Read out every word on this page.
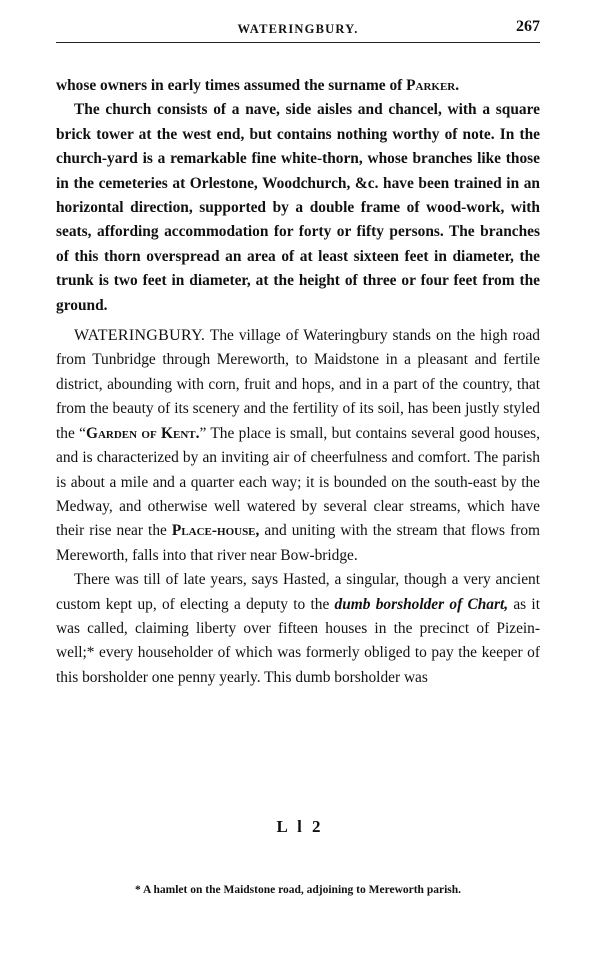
WATERINGBURY.	267

whose owners in early times assumed the surname of Parker.

The church consists of a nave, side aisles and chancel, with a square brick tower at the west end, but contains nothing worthy of note. In the church-yard is a remarkable fine white-thorn, whose branches like those in the cemeteries at Orlestone, Woodchurch, &c. have been trained in an horizontal direction, supported by a double frame of wood-work, with seats, affording accommodation for forty or fifty persons. The branches of this thorn overspread an area of at least sixteen feet in diameter, the trunk is two feet in diameter, at the height of three or four feet from the ground.

WATERINGBURY. The village of Wateringbury stands on the high road from Tunbridge through Mereworth, to Maidstone in a pleasant and fertile district, abounding with corn, fruit and hops, and in a part of the country, that from the beauty of its scenery and the fertility of its soil, has been justly styled the “Garden of Kent.” The place is small, but contains several good houses, and is characterized by an inviting air of cheerfulness and comfort. The parish is about a mile and a quarter each way; it is bounded on the south-east by the Medway, and otherwise well watered by several clear streams, which have their rise near the Place-house, and uniting with the stream that flows from Mereworth, falls into that river near Bow-bridge.

There was till of late years, says Hasted, a singular, though a very ancient custom kept up, of electing a deputy to the dumb borsholder of Chart, as it was called, claiming liberty over fifteen houses in the precinct of Pizein-well;* every householder of which was formerly obliged to pay the keeper of this borsholder one penny yearly. This dumb borsholder was

L l 2
* A hamlet on the Maidstone road, adjoining to Mereworth parish.
